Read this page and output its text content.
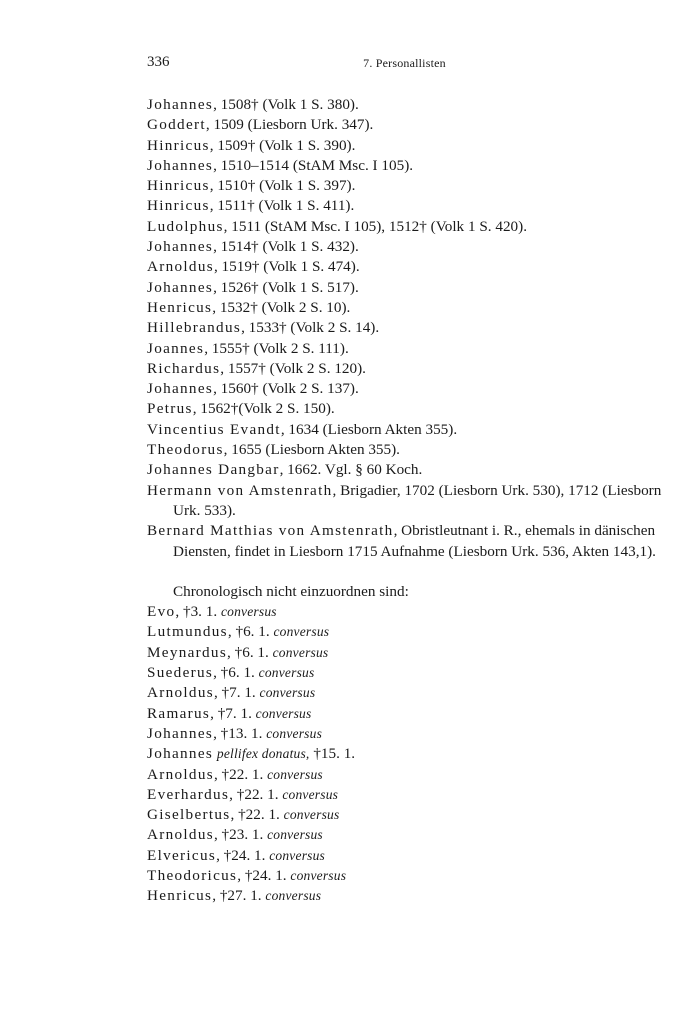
336	7. Personallisten
Johannes, 1508† (Volk 1 S. 380).
Goddert, 1509 (Liesborn Urk. 347).
Hinricus, 1509† (Volk 1 S. 390).
Johannes, 1510–1514 (StAM Msc. I 105).
Hinricus, 1510† (Volk 1 S. 397).
Hinricus, 1511† (Volk 1 S. 411).
Ludolphus, 1511 (StAM Msc. I 105), 1512† (Volk 1 S. 420).
Johannes, 1514† (Volk 1 S. 432).
Arnoldus, 1519† (Volk 1 S. 474).
Johannes, 1526† (Volk 1 S. 517).
Henricus, 1532† (Volk 2 S. 10).
Hillebrandus, 1533† (Volk 2 S. 14).
Joannes, 1555† (Volk 2 S. 111).
Richardus, 1557† (Volk 2 S. 120).
Johannes, 1560† (Volk 2 S. 137).
Petrus, 1562†(Volk 2 S. 150).
Vincentius Evandt, 1634 (Liesborn Akten 355).
Theodorus, 1655 (Liesborn Akten 355).
Johannes Dangbar, 1662. Vgl. § 60 Koch.
Hermann von Amstenrath, Brigadier, 1702 (Liesborn Urk. 530), 1712 (Liesborn Urk. 533).
Bernard Matthias von Amstenrath, Obristleutnant i. R., ehemals in dänischen Diensten, findet in Liesborn 1715 Aufnahme (Liesborn Urk. 536, Akten 143,1).
Chronologisch nicht einzuordnen sind:
Evo, †3. 1. conversus
Lutmundus, †6. 1. conversus
Meynardus, †6. 1. conversus
Suederus, †6. 1. conversus
Arnoldus, †7. 1. conversus
Ramarus, †7. 1. conversus
Johannes, †13. 1. conversus
Johannes pellifex donatus, †15. 1.
Arnoldus, †22. 1. conversus
Everhardus, †22. 1. conversus
Giselbertus, †22. 1. conversus
Arnoldus, †23. 1. conversus
Elvericus, †24. 1. conversus
Theodoricus, †24. 1. conversus
Henricus, †27. 1. conversus
